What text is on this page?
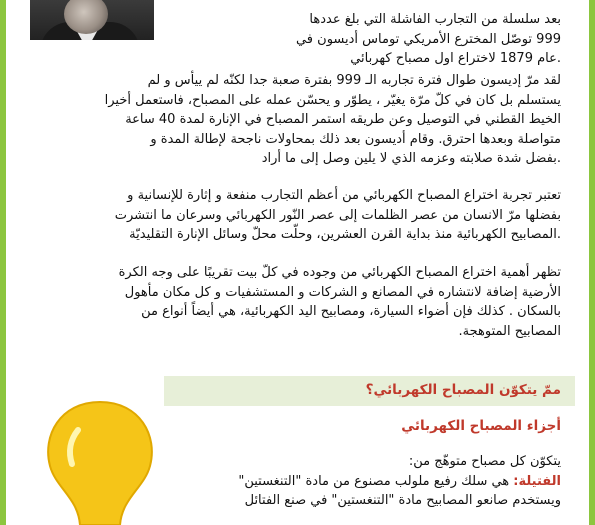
بعد سلسلة من التجارب الفاشلة التي بلغ عددها
999 توصّل المخترع الأمريكي توماس أديسون في
.عام 1879 لاختراع اول مصباح كهربائي
لقد مرّ إديسون طوال فترة تجاربه الـ 999 بفترة صعبة جدا لكنّه لم ييأس و لم
يستسلم بل كان في كلّ مرّة يغيّر ، يطوّر و يحسّن عمله على المصباح، فاستعمل أخيرا
الخيط القطني في التوصيل وعن طريقه استمر المصباح في الإنارة لمدة 40 ساعة
متواصلة وبعدها احترق. وقام أديسون بعد ذلك بمحاولات ناجحة لإطالة المدة و
.بفضل شدة صلابته وعزمه الذي لا يلين وصل إلى ما أراد
تعتبر تجربة اختراع المصباح الكهربائي من أعظم التجارب منفعة و إثارة للإنسانية و
بفضلها مرّ الانسان من عصر الظلمات إلى عصر النّور الكهربائي وسرعان ما انتشرت
.المصابيح الكهربائية منذ بداية القرن العشرين، وحلّت محلّ وسائل الإنارة التقليديّة
تظهر أهمية اختراع المصباح الكهربائي من وجوده في كلّ بيت تقريبًا على وجه الكرة
الأرضية إضافة لانتشاره في المصانع و الشركات و المستشفيات و كل مكان مأهول
بالسكان . كذلك فإن أضواء السيارة، ومصابيح اليد الكهربائية، هي أيضاً أنواع من
المصابيح المتوهجة.
ممّ يتكوّن المصباح الكهربائي؟
أجزاء المصباح الكهربائي
يتكوّن كل مصباح متوهّج من:
الفتيلة: هي سلك رفيع ملولب مصنوع من مادة "التنغستين"
ويستخدم صانعو المصابيح مادة "التنغستين" في صنع الفتائل
